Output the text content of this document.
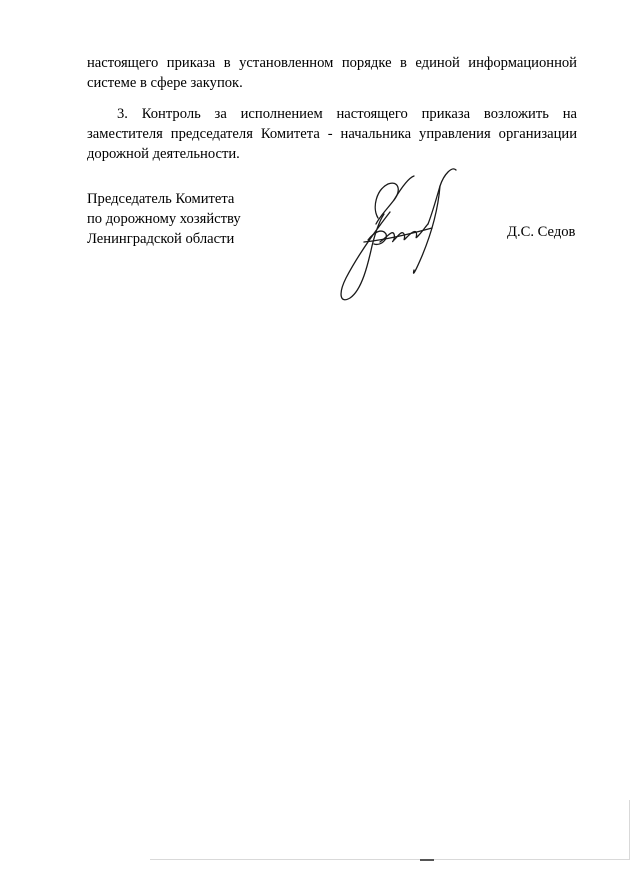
настоящего приказа в установленном порядке в единой информационной
системе в сфере закупок.
3. Контроль за исполнением настоящего приказа возложить на
заместителя председателя Комитета - начальника управления организации
дорожной деятельности.
Председатель Комитета
по дорожному хозяйству
Ленинградской области	Д.С. Седов
